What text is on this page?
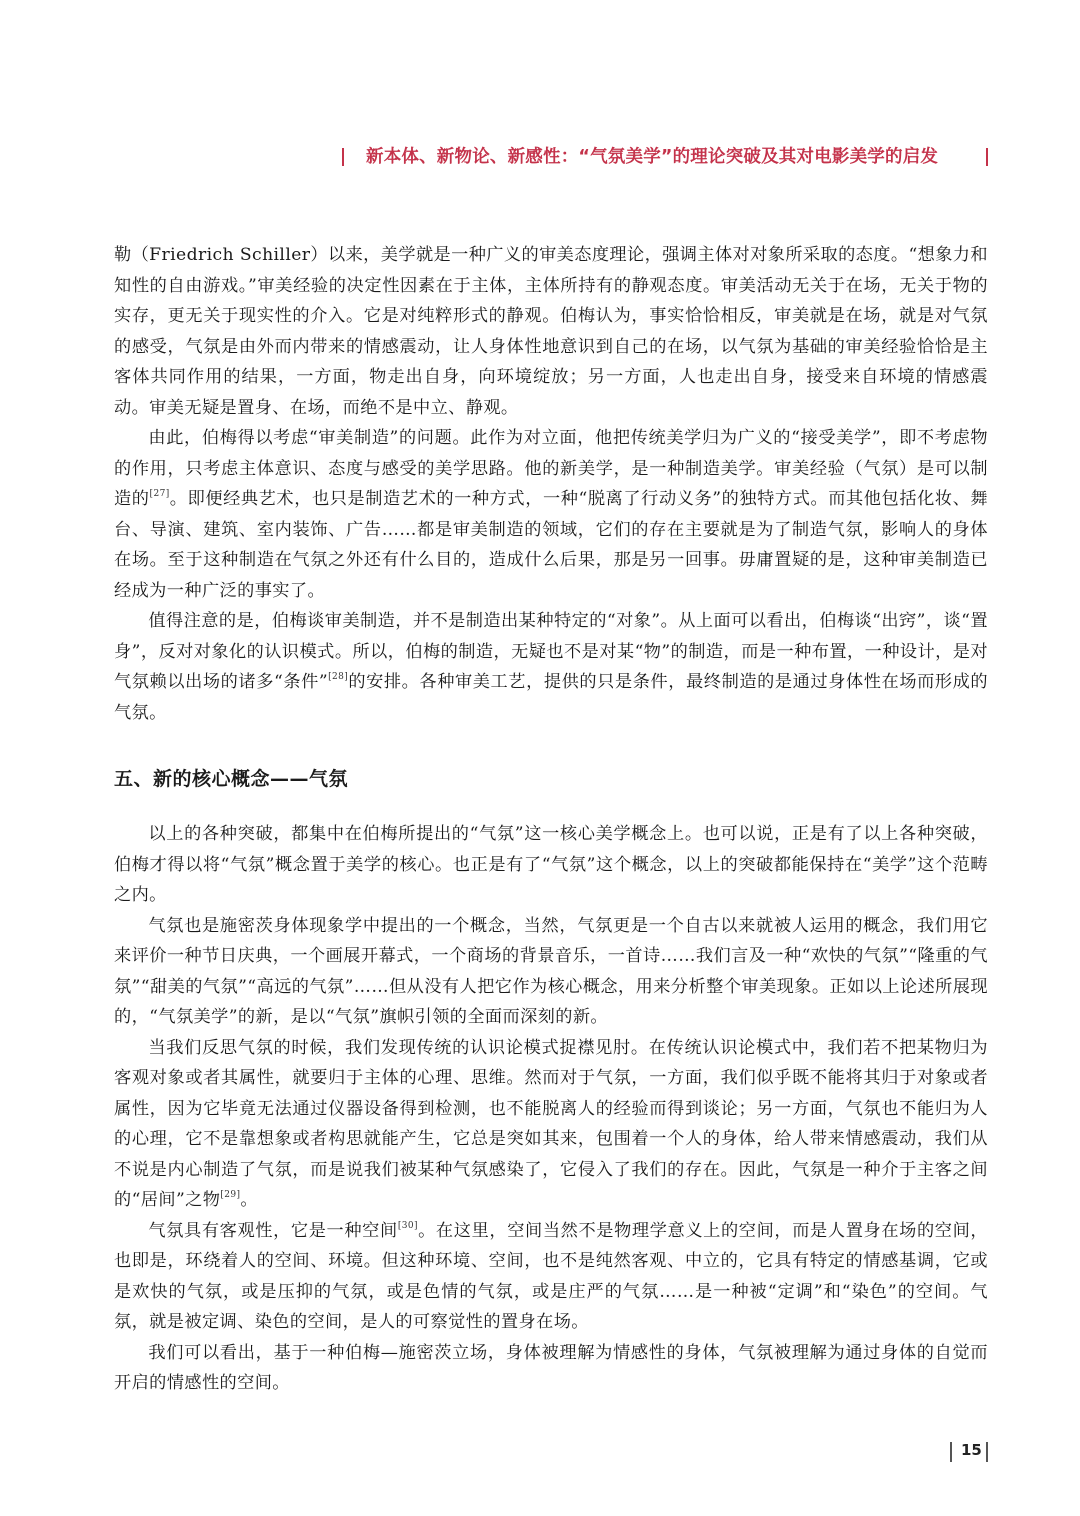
新本体、新物论、新感性：“气氛美学”的理论突破及其对电影美学的启发

勒（Friedrich Schiller）以来，美学就是一种广义的审美态度理论，强调主体对对象所采取的态度。“想象力和知性的自由游戏。”审美经验的决定性因素在于主体，主体所持有的静观态度。审美活动无关于在场，无关于物的实存，更无关于现实性的介入。它是对纯粹形式的静观。伯梅认为，事实恰恰相反，审美就是在场，就是对气氛的感受，气氛是由外而内带来的情感震动，让人身体性地意识到自己的在场，以气氛为基础的审美经验恰恰是主客体共同作用的结果，一方面，物走出自身，向环境绽放；另一方面，人也走出自身，接受来自环境的情感震动。审美无疑是置身、在场，而绝不是中立、静观。

由此，伯梅得以考虑“审美制造”的问题。此作为对立面，他把传统美学归为广义的“接受美学”，即不考虑物的作用，只考虑主体意识、态度与感受的美学思路。他的新美学，是一种制造美学。审美经验（气氛）是可以制造的[27]。即便经典艺术，也只是制造艺术的一种方式，一种“脱离了行动义务”的独特方式。而其他包括化妆、舞台、导演、建筑、室内装饰、广告……都是审美制造的领域，它们的存在主要就是为了制造气氛，影响人的身体在场。至于这种制造在气氛之外还有什么目的，造成什么后果，那是另一回事。毋庸置疑的是，这种审美制造已经成为一种广泛的事实了。

值得注意的是，伯梅谈审美制造，并不是制造出某种特定的“对象”。从上面可以看出，伯梅谈“出窍”，谈“置身”，反对对象化的认识模式。所以，伯梅的制造，无疑也不是对某“物”的制造，而是一种布置，一种设计，是对气氛赖以出场的诸多“条件”[28]的安排。各种审美工艺，提供的只是条件，最终制造的是通过身体性在场而形成的气氛。

五、新的核心概念——气氛

以上的各种突破，都集中在伯梅所提出的“气氛”这一核心美学概念上。也可以说，正是有了以上各种突破，伯梅才得以将“气氛”概念置于美学的核心。也正是有了“气氛”这个概念，以上的突破都能保持在“美学”这个范畴之内。

气氛也是施密茨身体现象学中提出的一个概念，当然，气氛更是一个自古以来就被人运用的概念，我们用它来评价一种节日庆典，一个画展开幕式，一个商场的背景音乐，一首诗……我们言及一种“欢快的气氛”“隆重的气氛”“甜美的气氛”“高远的气氛”……但从没有人把它作为核心概念，用来分析整个审美现象。正如以上论述所展现的，“气氛美学”的新，是以“气氛”旗帜引领的全面而深刻的新。

当我们反思气氛的时候，我们发现传统的认识论模式捉襟见肘。在传统认识论模式中，我们若不把某物归为客观对象或者其属性，就要归于主体的心理、思维。然而对于气氛，一方面，我们似乎既不能将其归于对象或者属性，因为它毕竟无法通过仪器设备得到检测，也不能脱离人的经验而得到谈论；另一方面，气氛也不能归为人的心理，它不是靠想象或者构思就能产生，它总是突如其来，包围着一个人的身体，给人带来情感震动，我们从不说是内心制造了气氛，而是说我们被某种气氛感染了，它侵入了我们的存在。因此，气氛是一种介于主客之间的“居间”之物[29]。

气氛具有客观性，它是一种空间[30]。在这里，空间当然不是物理学意义上的空间，而是人置身在场的空间，也即是，环绕着人的空间、环境。但这种环境、空间，也不是纯然客观、中立的，它具有特定的情感基调，它或是欢快的气氛，或是压抑的气氛，或是色情的气氛，或是庄严的气氛……是一种被“定调”和“染色”的空间。气氛，就是被定调、染色的空间，是人的可察觉性的置身在场。

我们可以看出，基于一种伯梅—施密茨立场，身体被理解为情感性的身体，气氛被理解为通过身体的自觉而开启的情感性的空间。

15
